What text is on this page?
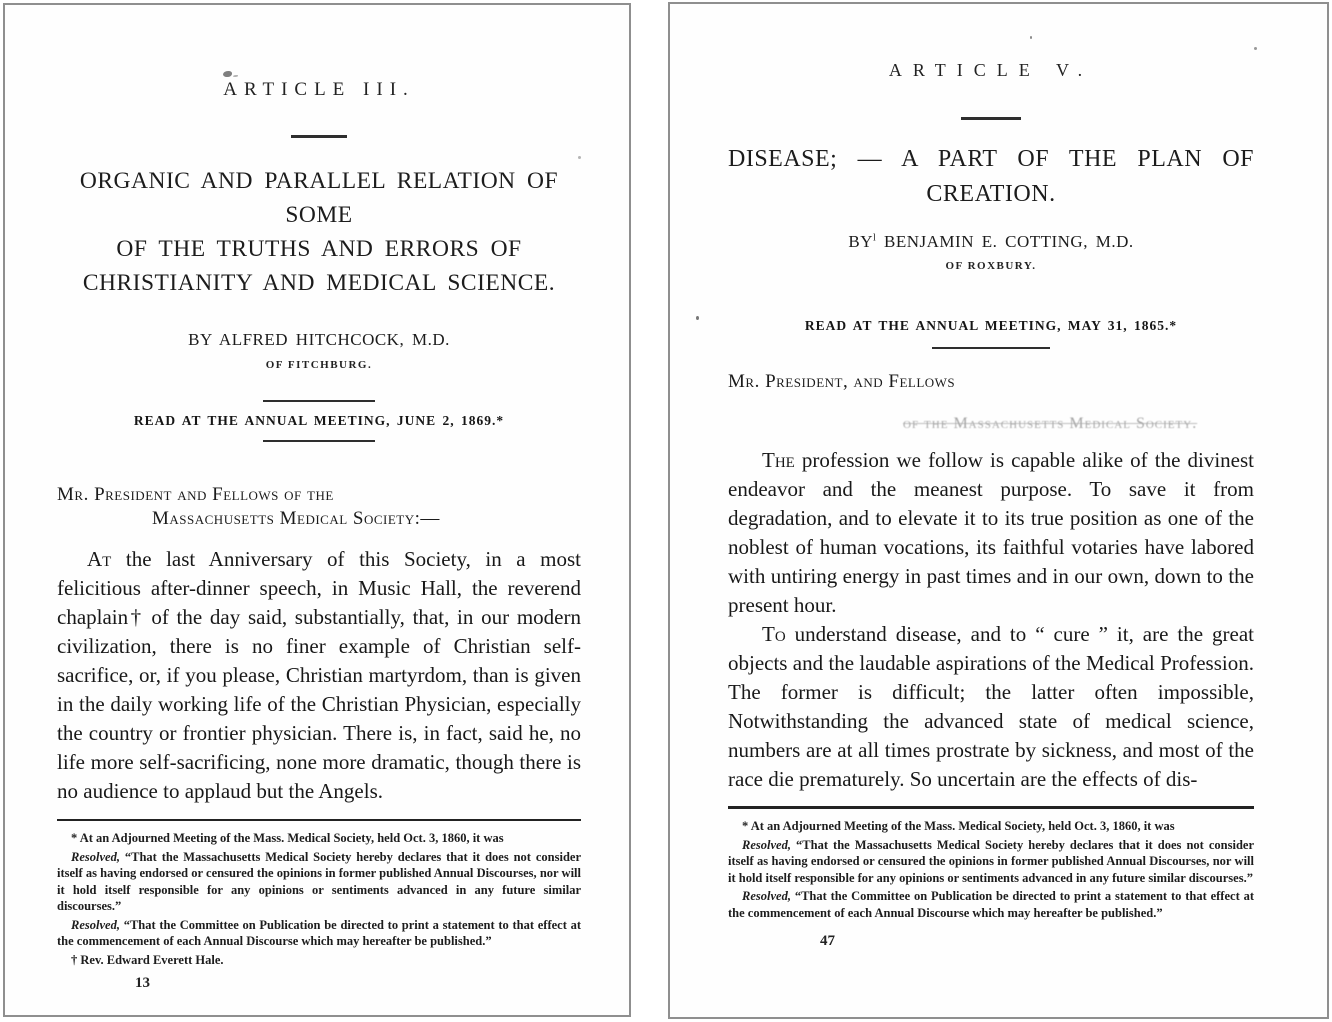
ARTICLE III.
ORGANIC AND PARALLEL RELATION OF SOME
OF THE TRUTHS AND ERRORS OF
CHRISTIANITY AND MEDICAL SCIENCE.
BY ALFRED HITCHCOCK, M.D.
OF FITCHBURG.
READ AT THE ANNUAL MEETING, JUNE 2, 1869.*
Mr. President and Fellows of the
Massachusetts Medical Society:—

At the last Anniversary of this Society, in a most felicitious after-dinner speech, in Music Hall, the reverend chaplain† of the day said, substantially, that, in our modern civilization, there is no finer example of Christian self-sacrifice, or, if you please, Christian martyrdom, than is given in the daily working life of the Christian Physician, especially the country or frontier physician. There is, in fact, said he, no life more self-sacrificing, none more dramatic, though there is no audience to applaud but the Angels.

* At an Adjourned Meeting of the Mass. Medical Society, held Oct. 3, 1860, it was

Resolved, “That the Massachusetts Medical Society hereby declares that it does not consider itself as having endorsed or censured the opinions in former published Annual Discourses, nor will it hold itself responsible for any opinions or sentiments advanced in any future similar discourses.”

Resolved, “That the Committee on Publication be directed to print a statement to that effect at the commencement of each Annual Discourse which may hereafter be published.”

† Rev. Edward Everett Hale.

13
ARTICLE V.
DISEASE; — A PART OF THE PLAN OF
CREATION.
$BY^l$ BENJAMIN E. COTTING, M.D.
OF ROXBURY.
READ AT THE ANNUAL MEETING, MAY 31, 1865.*
Mr. President, and Fellows
of the Massachusetts Medical Society.

The profession we follow is capable alike of the divinest endeavor and the meanest purpose. To save it from degradation, and to elevate it to its true position as one of the noblest of human vocations, its faithful votaries have labored with untiring energy in past times and in our own, down to the present hour.

To understand disease, and to “ cure ” it, are the great objects and the laudable aspirations of the Medical Profession. The former is difficult; the latter often impossible, Notwithstanding the advanced state of medical science, numbers are at all times prostrate by sickness, and most of the race die prematurely. So uncertain are the effects of dis-

* At an Adjourned Meeting of the Mass. Medical Society, held Oct. 3, 1860, it was

Resolved, “That the Massachusetts Medical Society hereby declares that it does not consider itself as having endorsed or censured the opinions in former published Annual Discourses, nor will it hold itself responsible for any opinions or sentiments advanced in any future similar discourses.”

Resolved, “That the Committee on Publication be directed to print a statement to that effect at the commencement of each Annual Discourse which may hereafter be published.”

47
